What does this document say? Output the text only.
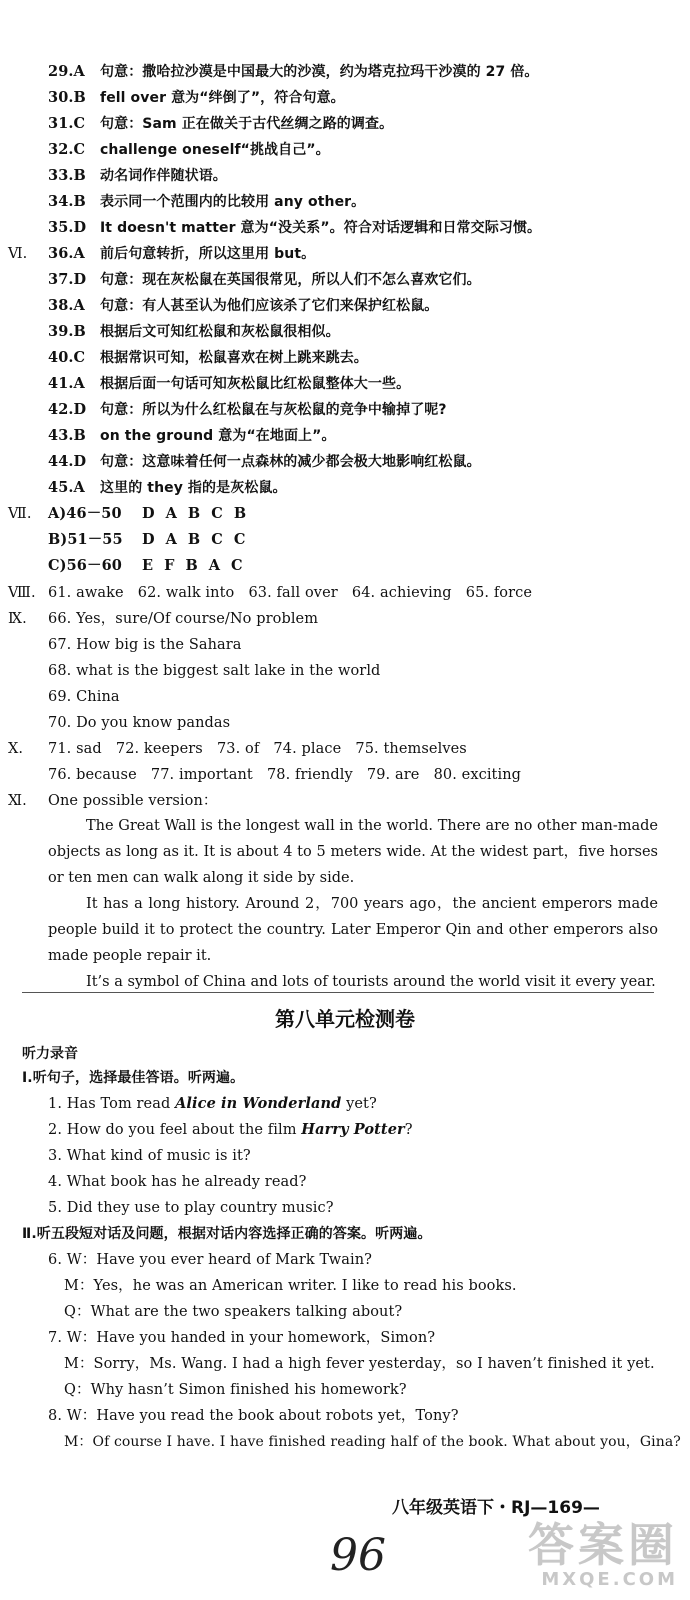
29.A 句意：撒哈拉沙漠是中国最大的沙漠，约为塔克拉玛干沙漠的 27 倍。
30.B fell over 意为“绊倒了”，符合句意。
31.C 句意：Sam 正在做关于古代丝绸之路的调查。
32.C challenge oneself“挑战自己”。
33.B 动名词作伴随状语。
34.B 表示同一个范围内的比较用 any other。
35.D It doesn't matter 意为“没关系”。符合对话逻辑和日常交际习惯。
Ⅵ. 36.A 前后句意转折，所以这里用 but。
37.D 句意：现在灰松鼠在英国很常见，所以人们不怎么喜欢它们。
38.A 句意：有人甚至认为他们应该杀了它们来保护红松鼠。
39.B 根据后文可知红松鼠和灰松鼠很相似。
40.C 根据常识可知，松鼠喜欢在树上跳来跳去。
41.A 根据后面一句话可知灰松鼠比红松鼠整体大一些。
42.D 句意：所以为什么红松鼠在与灰松鼠的竞争中输掉了呢?
43.B on the ground 意为“在地面上”。
44.D 句意：这意味着任何一点森林的减少都会极大地影响红松鼠。
45.A 这里的 they 指的是灰松鼠。
Ⅶ. A)46－50 D A B C B
B)51－55 D A B C C
C)56－60 E F B A C
Ⅷ. 61. awake   62. walk into   63. fall over   64. achieving   65. force
Ⅸ. 66. Yes，sure/Of course/No problem
67. How big is the Sahara
68. what is the biggest salt lake in the world
69. China
70. Do you know pandas
Ⅹ. 71. sad   72. keepers   73. of   74. place   75. themselves
76. because   77. important   78. friendly   79. are   80. exciting
Ⅺ. One possible version：
The Great Wall is the longest wall in the world. There are no other man-made objects as long as it. It is about 4 to 5 meters wide. At the widest part，five horses or ten men can walk along it side by side.
It has a long history. Around 2，700 years ago，the ancient emperors made people build it to protect the country. Later Emperor Qin and other emperors also made people repair it.
It’s a symbol of China and lots of tourists around the world visit it every year.
第八单元检测卷
听力录音
Ⅰ.听句子，选择最佳答语。听两遍。
1. Has Tom read Alice in Wonderland yet?
2. How do you feel about the film Harry Potter?
3. What kind of music is it?
4. What book has he already read?
5. Did they use to play country music?
Ⅱ.听五段短对话及问题，根据对话内容选择正确的答案。听两遍。
6. W：Have you ever heard of Mark Twain?
M：Yes，he was an American writer. I like to read his books.
Q：What are the two speakers talking about?
7. W：Have you handed in your homework，Simon?
M：Sorry，Ms. Wang. I had a high fever yesterday，so I haven’t finished it yet.
Q：Why hasn’t Simon finished his homework?
8. W：Have you read the book about robots yet，Tony?
M：Of course I have. I have finished reading half of the book. What about you，Gina?
八年级英语下・RJ—169—
96	答案圈
MXQE.COM
